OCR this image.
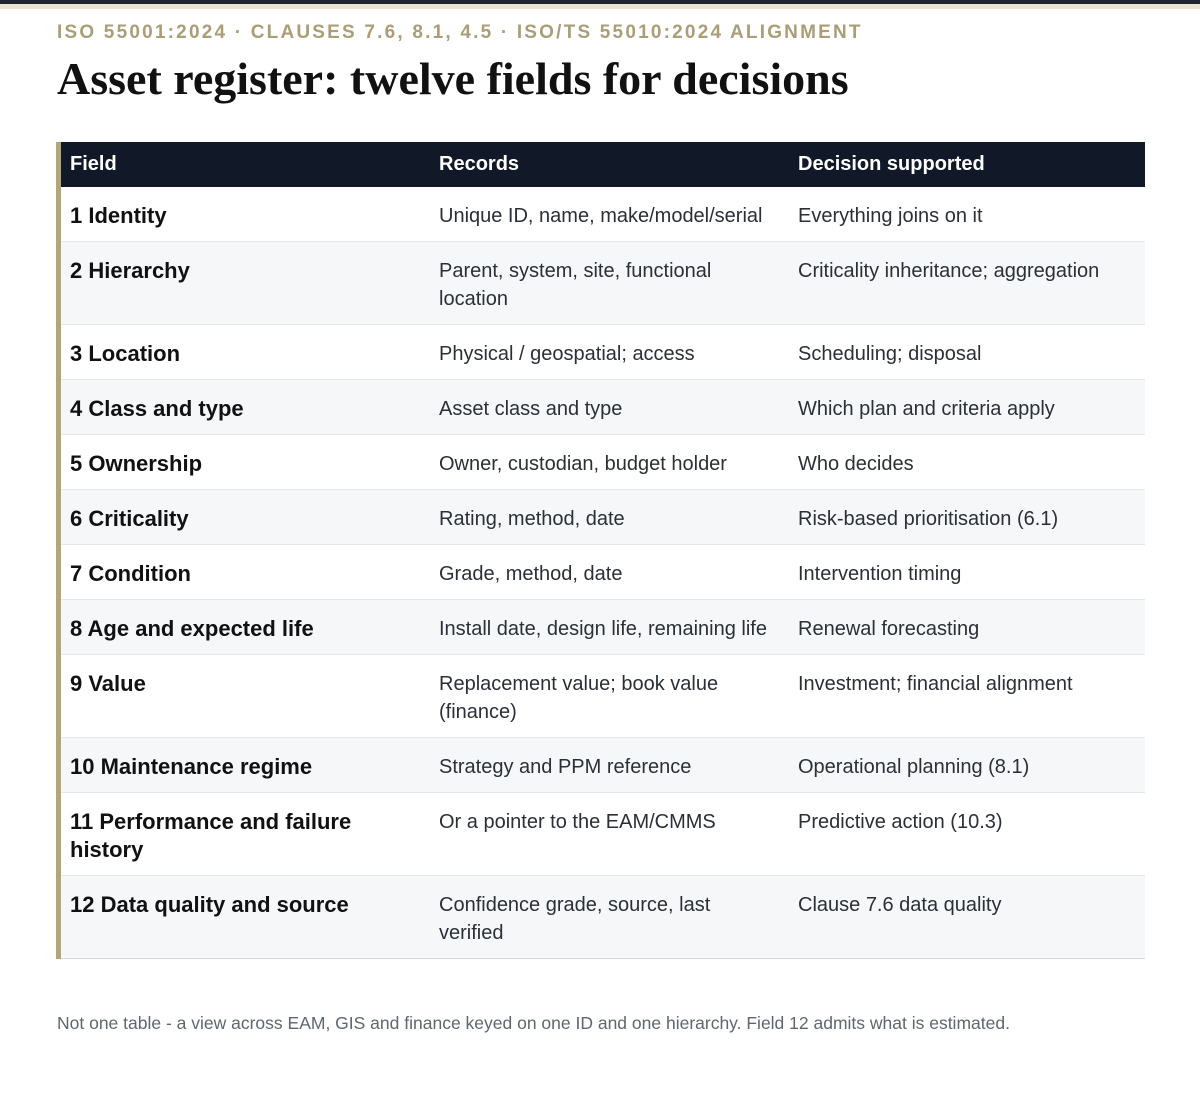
ISO 55001:2024 · CLAUSES 7.6, 8.1, 4.5 · ISO/TS 55010:2024 ALIGNMENT
Asset register: twelve fields for decisions
Field	Records	Decision supported
1 Identity	Unique ID, name, make/model/serial	Everything joins on it
2 Hierarchy	Parent, system, site, functional location	Criticality inheritance; aggregation
3 Location	Physical / geospatial; access	Scheduling; disposal
4 Class and type	Asset class and type	Which plan and criteria apply
5 Ownership	Owner, custodian, budget holder	Who decides
6 Criticality	Rating, method, date	Risk-based prioritisation (6.1)
7 Condition	Grade, method, date	Intervention timing
8 Age and expected life	Install date, design life, remaining life	Renewal forecasting
9 Value	Replacement value; book value (finance)	Investment; financial alignment
10 Maintenance regime	Strategy and PPM reference	Operational planning (8.1)
11 Performance and failure history	Or a pointer to the EAM/CMMS	Predictive action (10.3)
12 Data quality and source	Confidence grade, source, last verified	Clause 7.6 data quality
Not one table - a view across EAM, GIS and finance keyed on one ID and one hierarchy. Field 12 admits what is estimated.
